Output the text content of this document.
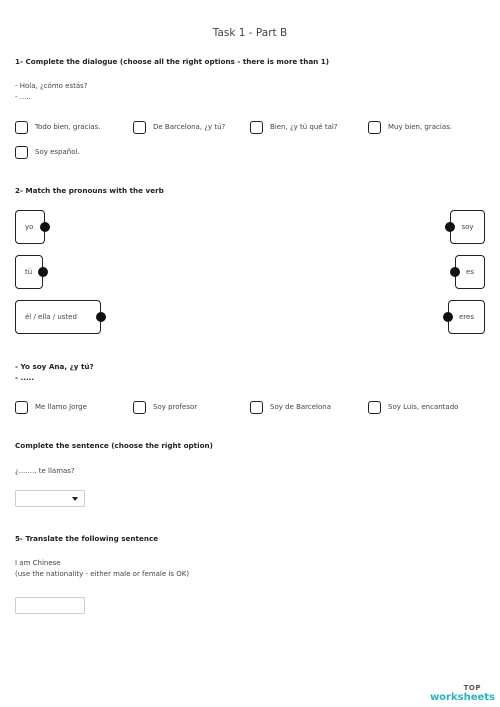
Task 1 - Part B
1- Complete the dialogue (choose all the right options - there is more than 1)
- Hola, ¿cómo estás?
- .....
Todo bien, gracias.	De Barcelona, ¿y tú?	Bien, ¿y tú qué tal?	Muy bien, gracias.
Soy español.
2- Match the pronouns with the verb
yo
tú
él / ella / usted
soy
es
eres
- Yo soy Ana, ¿y tú?
- .....
Me llamo Jorge	Soy profesor	Soy de Barcelona	Soy Luis, encantado
Complete the sentence (choose the right option)
¿........ te llamas?
5- Translate the following sentence
I am Chinese
(use the nationality - either male or female is OK)
TOP
worksheets
